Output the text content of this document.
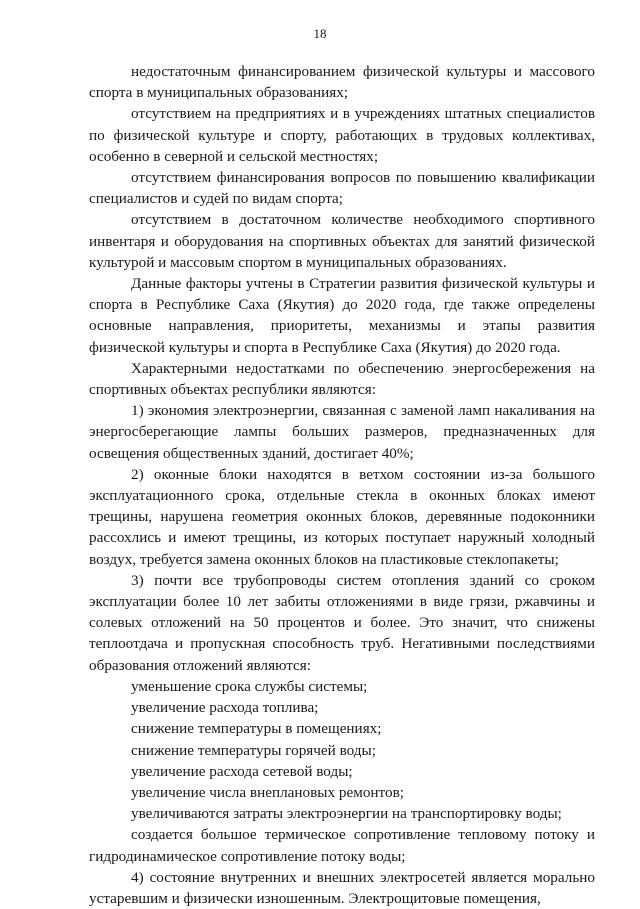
18

недостаточным финансированием физической культуры и массового спорта в муниципальных образованиях;

отсутствием на предприятиях и в учреждениях штатных специалистов по физической культуре и спорту, работающих в трудовых коллективах, особенно в северной и сельской местностях;

отсутствием финансирования вопросов по повышению квалификации специалистов и судей по видам спорта;

отсутствием в достаточном количестве необходимого спортивного инвентаря и оборудования на спортивных объектах для занятий физической культурой и массовым спортом в муниципальных образованиях.

Данные факторы учтены в Стратегии развития физической культуры и спорта в Республике Саха (Якутия) до 2020 года, где также определены основные направления, приоритеты, механизмы и этапы развития физической культуры и спорта в Республике Саха (Якутия) до 2020 года.

Характерными недостатками по обеспечению энергосбережения на спортивных объектах республики являются:

1) экономия электроэнергии, связанная с заменой ламп накаливания на энергосберегающие лампы больших размеров, предназначенных для освещения общественных зданий, достигает 40%;

2) оконные блоки находятся в ветхом состоянии из-за большого эксплуатационного срока, отдельные стекла в оконных блоках имеют трещины, нарушена геометрия оконных блоков, деревянные подоконники рассохлись и имеют трещины, из которых поступает наружный холодный воздух, требуется замена оконных блоков на пластиковые стеклопакеты;

3) почти все трубопроводы систем отопления зданий со сроком эксплуатации более 10 лет забиты отложениями в виде грязи, ржавчины и солевых отложений на 50 процентов и более. Это значит, что снижены теплоотдача и пропускная способность труб. Негативными последствиями образования отложений являются:

уменьшение срока службы системы;

увеличение расхода топлива;

снижение температуры в помещениях;

снижение температуры горячей воды;

увеличение расхода сетевой воды;

увеличение числа внеплановых ремонтов;

увеличиваются затраты электроэнергии на транспортировку воды;

создается большое термическое сопротивление тепловому потоку и гидродинамическое сопротивление потоку воды;

4) состояние внутренних и внешних электросетей является морально устаревшим и физически изношенным. Электрощитовые помещения,
